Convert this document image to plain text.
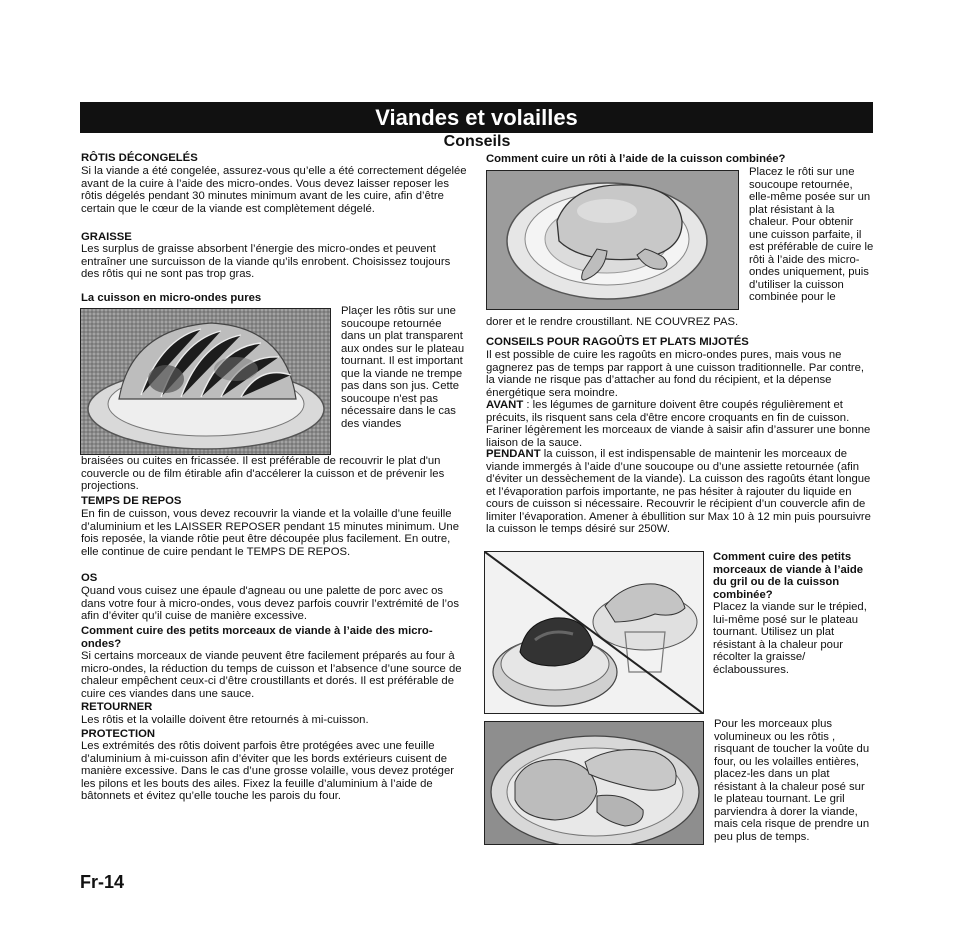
Viandes et volailles
Conseils
RÔTIS DÉCONGELÉS
Si la viande a été congelée, assurez-vous qu’elle a été correctement dégelée avant de la cuire à l’aide des micro-ondes. Vous devez laisser reposer les rôtis dégelés pendant 30 minutes minimum avant de les cuire, afin d’être certain que le cœur de la viande est complètement dégelé.
GRAISSE
Les surplus de graisse absorbent l’énergie des micro-ondes et peuvent entraîner une surcuisson de la viande qu’ils enrobent. Choisissez toujours des rôtis qui ne sont pas trop gras.
La cuisson en micro-ondes pures
Plaçer les rôtis sur une soucoupe retournée dans un plat transparent aux ondes sur le plateau tournant. Il est important que la viande ne trempe pas dans son jus. Cette soucoupe n'est pas nécessaire dans le cas des viandes
braisées ou cuites en fricassée. Il est préférable de recouvrir le plat d'un couvercle ou de film étirable afin d'accélerer la cuisson et de prévenir les projections.
TEMPS DE REPOS
En fin de cuisson, vous devez recouvrir la viande et la volaille d’une feuille d’aluminium et les LAISSER REPOSER pendant 15 minutes minimum. Une fois reposée, la viande rôtie peut être découpée plus facilement. En outre, elle continue de cuire pendant le TEMPS DE REPOS.
OS
Quand vous cuisez une épaule d'agneau ou une palette de porc avec os dans votre four à micro-ondes, vous devez parfois couvrir l’extrémité de l’os afin d’éviter qu’il cuise de manière excessive.
Comment cuire des petits morceaux de viande à l’aide des micro-ondes?
Si certains morceaux de viande peuvent être facilement préparés au four à micro-ondes, la réduction du temps de cuisson et l’absence d’une source de chaleur empêchent ceux-ci d’être croustillants et dorés. Il est préférable de cuire ces viandes dans une sauce.
RETOURNER
Les rôtis et la volaille doivent être retournés à mi-cuisson.
PROTECTION
Les extrémités des rôtis doivent parfois être protégées avec une feuille d’aluminium à mi-cuisson afin d’éviter que les bords extérieurs cuisent de manière excessive. Dans le cas d’une grosse volaille, vous devez protéger les pilons et les bouts des ailes. Fixez la feuille d’aluminium à l’aide de bâtonnets et évitez qu’elle touche les parois du four.
Comment cuire un rôti à l’aide de la cuisson combinée?
Placez le rôti sur une soucoupe retournée, elle-même posée sur un plat résistant à la chaleur. Pour obtenir une cuisson parfaite, il est préférable de cuire le rôti à l’aide des micro-ondes uniquement, puis d’utiliser la cuisson combinée pour le
dorer et le rendre croustillant. NE COUVREZ PAS.
CONSEILS POUR RAGOÛTS ET PLATS MIJOTÉS
Il est possible de cuire les ragoûts en micro-ondes pures, mais vous ne gagnerez pas de temps par rapport à une cuisson traditionnelle. Par contre, la viande ne risque pas d’attacher au fond du récipient, et la dépense énergétique sera moindre.
AVANT : les légumes de garniture doivent être coupés régulièrement et précuits, ils risquent sans cela d'être encore croquants en fin de cuisson. Fariner légèrement les morceaux de viande à saisir afin d’assurer une bonne liaison de la sauce.
PENDANT la cuisson, il est indispensable de maintenir les morceaux de viande immergés à l’aide d’une soucoupe ou d’une assiette retournée (afin d’éviter un dessèchement de la viande). La cuisson des ragoûts étant longue et l’évaporation parfois importante, ne pas hésiter à rajouter du liquide en cours de cuisson si nécessaire. Recouvrir le récipient d’un couvercle afin de limiter l’évaporation. Amener à ébullition sur Max 10 à 12 min puis poursuivre la cuisson le temps désiré sur 250W.
Comment cuire des petits morceaux de viande à l’aide du gril ou de la cuisson combinée?
Placez la viande sur le trépied, lui-même posé sur le plateau tournant. Utilisez un plat résistant à la chaleur pour récolter la graisse/ éclaboussures.
Pour les morceaux plus volumineux ou les rôtis , risquant de toucher la voûte du four, ou les volailles entières, placez-les dans un plat résistant à la chaleur posé sur le plateau tournant. Le gril parviendra à dorer la viande, mais cela risque de prendre un peu plus de temps.
Fr-14
